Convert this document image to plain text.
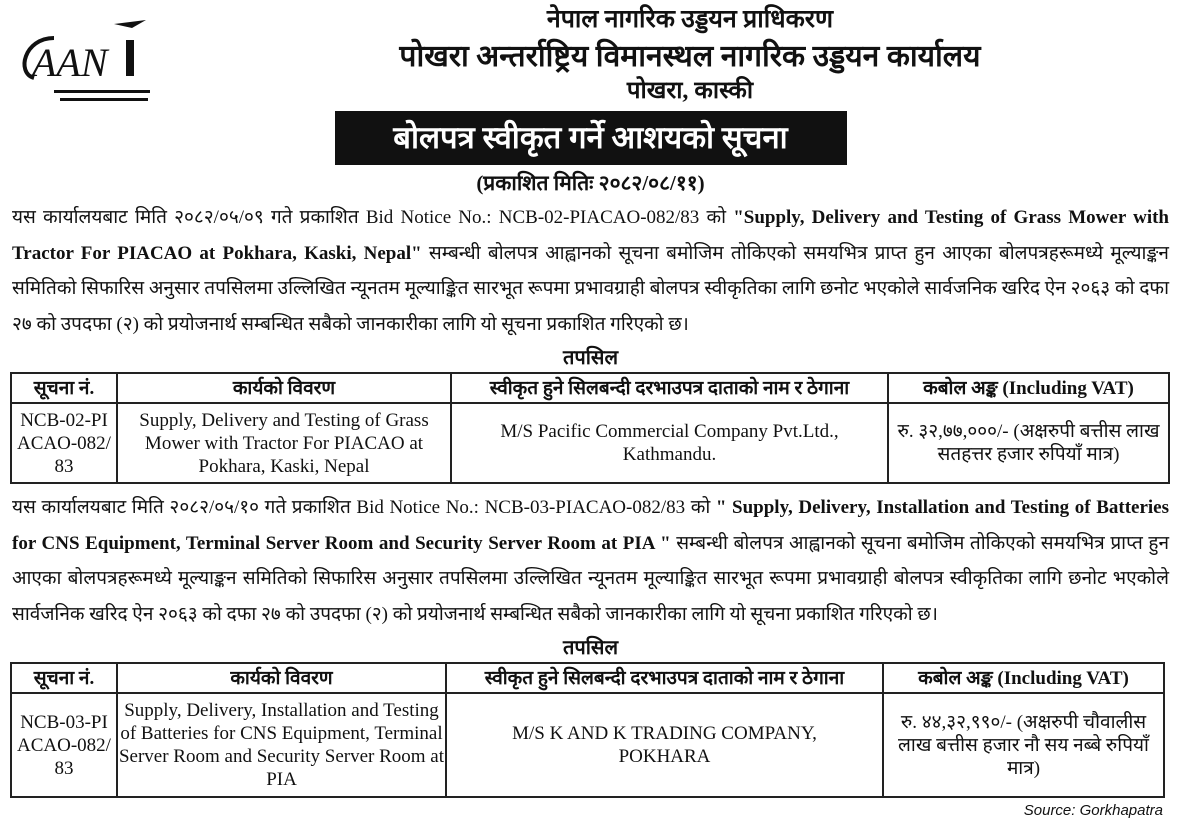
AAN
नेपाल नागरिक उड्डयन प्राधिकरण
पोखरा अन्तर्राष्ट्रिय विमानस्थल नागरिक उड्डयन कार्यालय
पोखरा, कास्की
बोलपत्र स्वीकृत गर्ने आशयको सूचना
(प्रकाशित मितिः २०८२/०८/११)
यस कार्यालयबाट मिति २०८२/०५/०९ गते प्रकाशित Bid Notice No.: NCB-02-PIACAO-082/83 को "Supply, Delivery and Testing of Grass Mower with Tractor For PIACAO at Pokhara, Kaski, Nepal" सम्बन्धी बोलपत्र आह्वानको सूचना बमोजिम तोकिएको समयभित्र प्राप्त हुन आएका बोलपत्रहरूमध्ये मूल्याङ्कन समितिको सिफारिस अनुसार तपसिलमा उल्लिखित न्यूनतम मूल्याङ्कित सारभूत रूपमा प्रभावग्राही बोलपत्र स्वीकृतिका लागि छनोट भएकोले सार्वजनिक खरिद ऐन २०६३ को दफा २७ को उपदफा (२) को प्रयोजनार्थ सम्बन्धित सबैको जानकारीका लागि यो सूचना प्रकाशित गरिएको छ।
तपसिल
सूचना नं.	कार्यको विवरण	स्वीकृत हुने सिलबन्दी दरभाउपत्र दाताको नाम र ठेगाना	कबोल अङ्क (Including VAT)
NCB-02-PIACAO-082/83	Supply, Delivery and Testing of Grass Mower with Tractor For PIACAO at Pokhara, Kaski, Nepal	M/S Pacific Commercial Company Pvt.Ltd., Kathmandu.	रु. ३२,७७,०००/- (अक्षरुपी बत्तीस लाख सतहत्तर हजार रुपियाँ मात्र)
यस कार्यालयबाट मिति २०८२/०५/१० गते प्रकाशित Bid Notice No.: NCB-03-PIACAO-082/83 को " Supply, Delivery, Installation and Testing of Batteries for CNS Equipment, Terminal Server Room and Security Server Room at PIA " सम्बन्धी बोलपत्र आह्वानको सूचना बमोजिम तोकिएको समयभित्र प्राप्त हुन आएका बोलपत्रहरूमध्ये मूल्याङ्कन समितिको सिफारिस अनुसार तपसिलमा उल्लिखित न्यूनतम मूल्याङ्कित सारभूत रूपमा प्रभावग्राही बोलपत्र स्वीकृतिका लागि छनोट भएकोले सार्वजनिक खरिद ऐन २०६३ को दफा २७ को उपदफा (२) को प्रयोजनार्थ सम्बन्धित सबैको जानकारीका लागि यो सूचना प्रकाशित गरिएको छ।
तपसिल
सूचना नं.	कार्यको विवरण	स्वीकृत हुने सिलबन्दी दरभाउपत्र दाताको नाम र ठेगाना	कबोल अङ्क (Including VAT)
NCB-03-PIACAO-082/83	Supply, Delivery, Installation and Testing of Batteries for CNS Equipment, Terminal Server Room and Security Server Room at PIA	M/S K AND K TRADING COMPANY, POKHARA	रु. ४४,३२,९९०/- (अक्षरुपी चौवालीस लाख बत्तीस हजार नौ सय नब्बे रुपियाँ मात्र)
Source: Gorkhapatra
